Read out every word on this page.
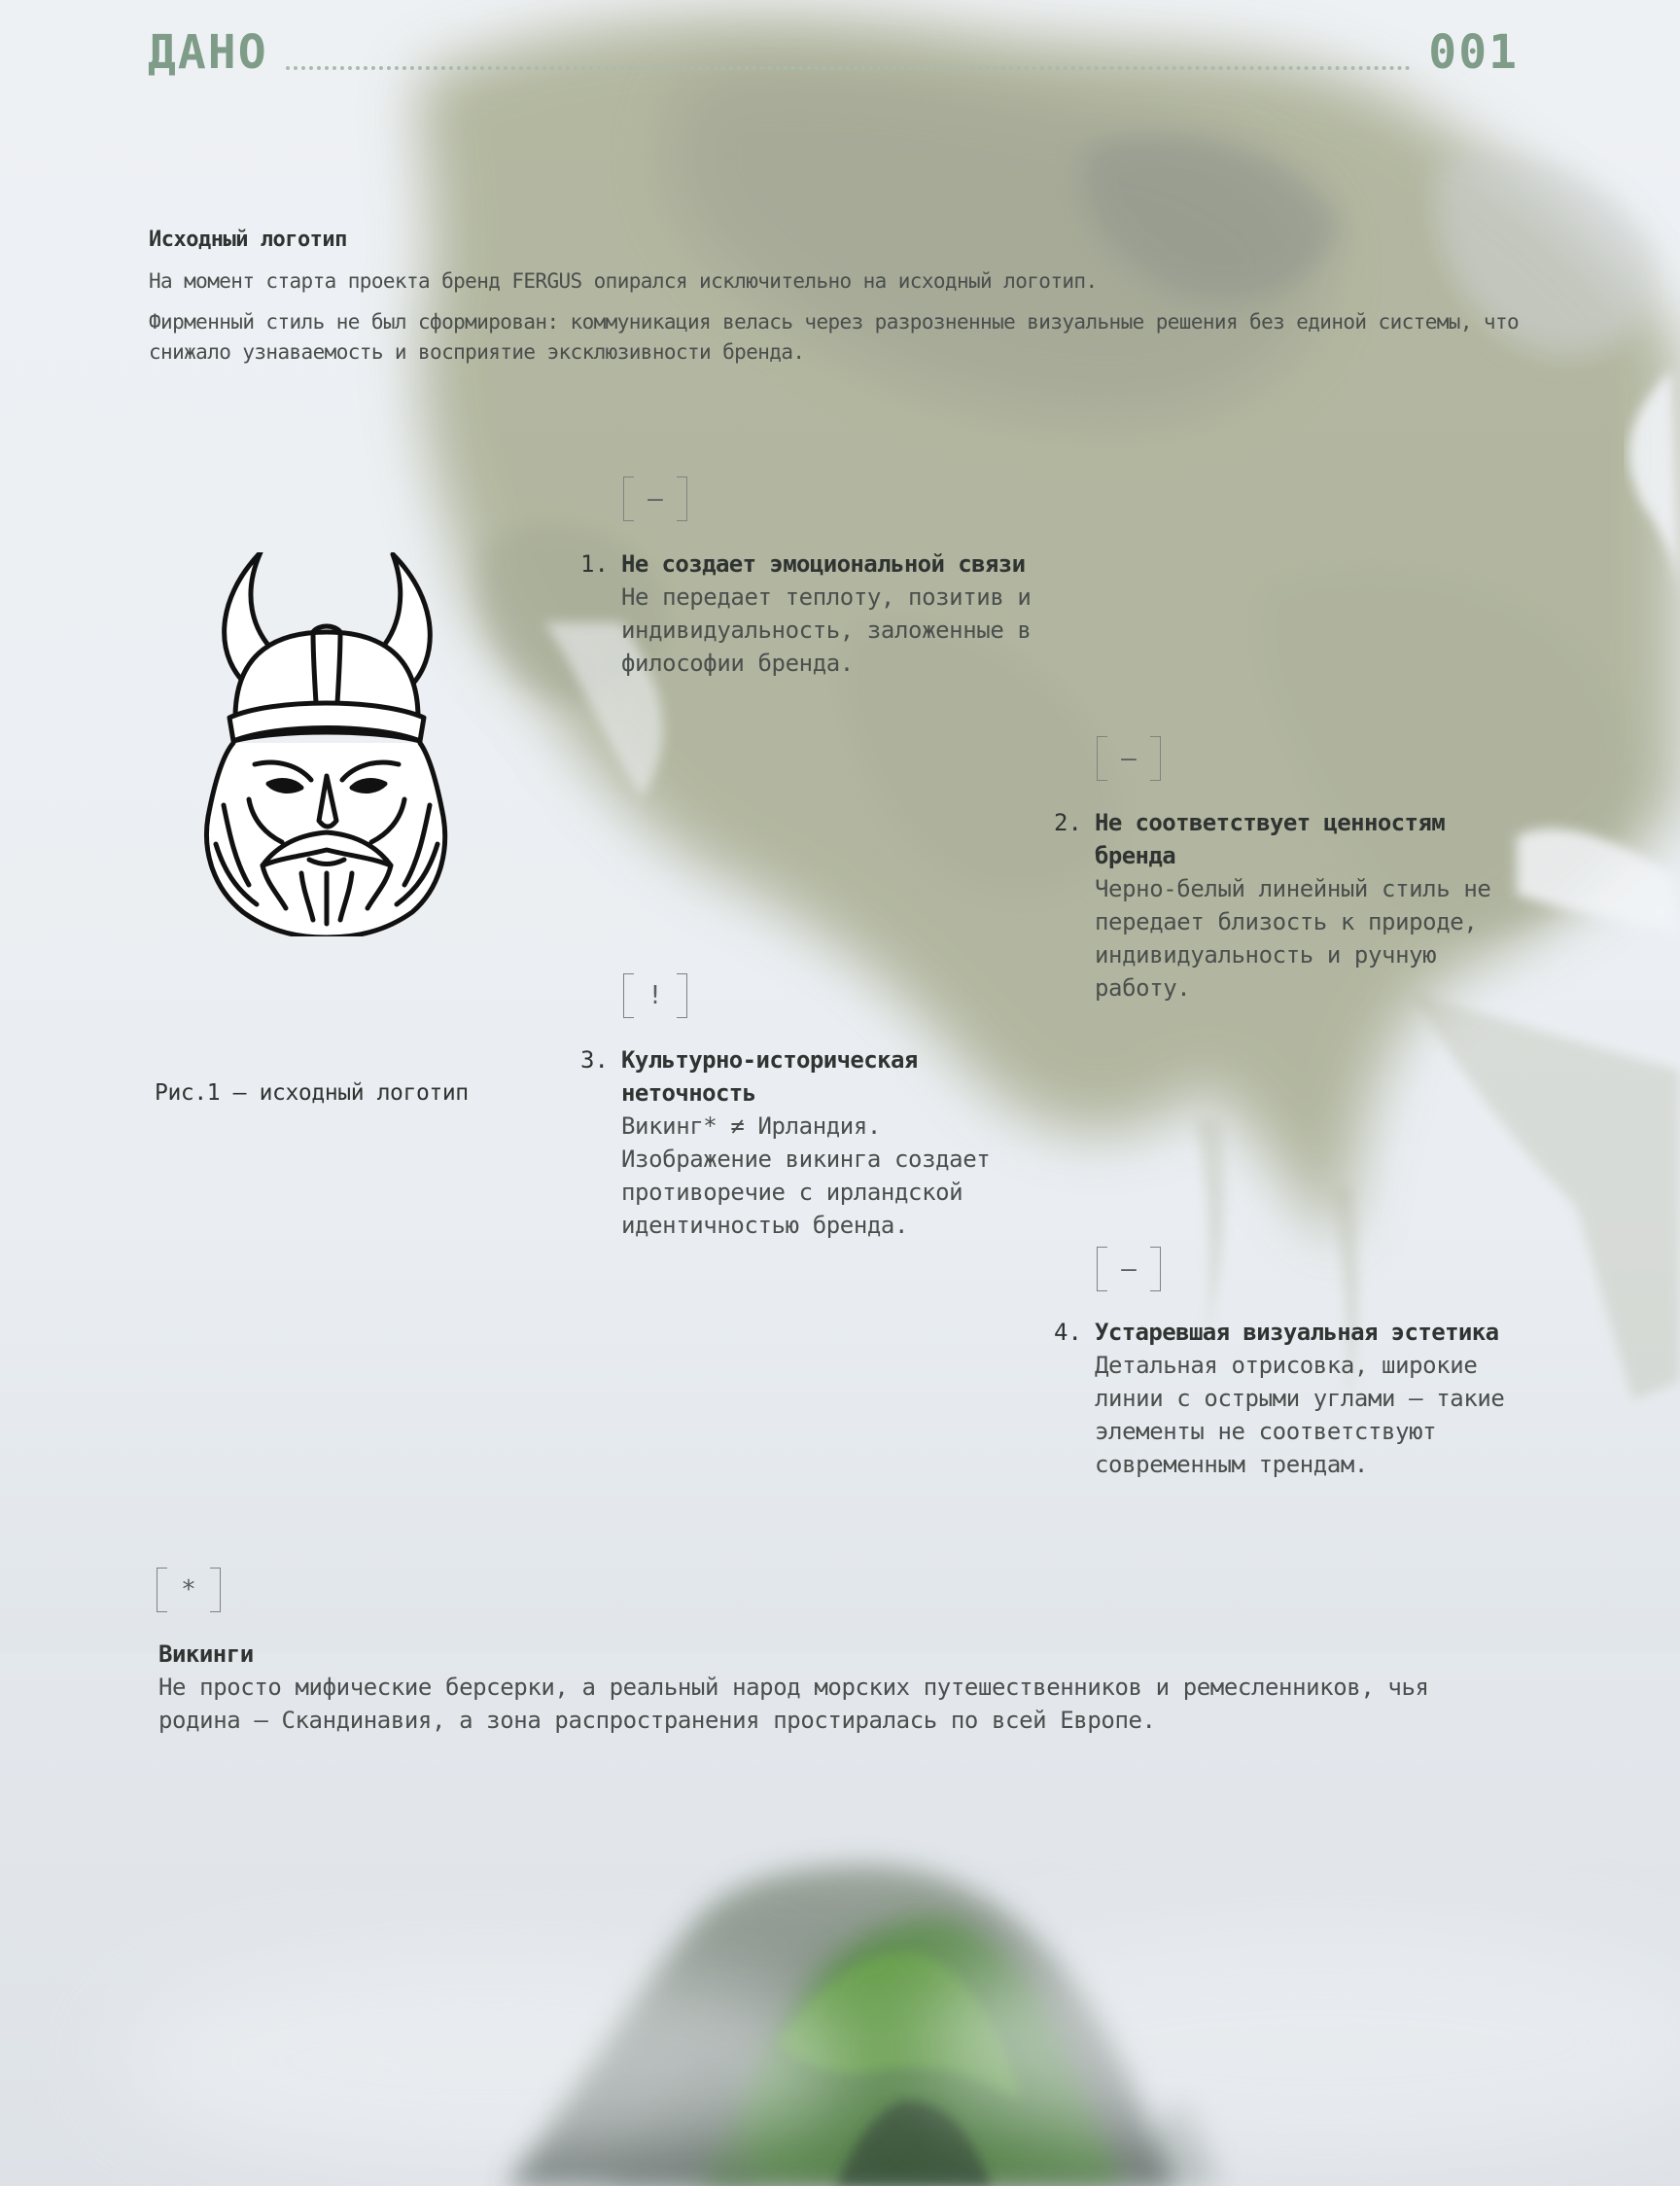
ДАНО	001
Исходный логотип

На момент старта проекта бренд FERGUS опирался исключительно на исходный логотип.

Фирменный стиль не был сформирован: коммуникация велась через разрозненные визуальные решения без единой системы, что снижало узнаваемость и восприятие эксклюзивности бренда.

Рис.1 — исходный логотип
—
1. Не создает эмоциональной связи

Не передает теплоту, позитив и индивидуальность, заложенные в философии бренда.

—
2. Не соответствует ценностям бренда

Черно-белый линейный стиль не передает близость к природе, индивидуальность и ручную работу.

!
3. Культурно-историческая неточность

Викинг* ≠ Ирландия. Изображение викинга создает противоречие с ирландской идентичностью бренда.

—
4. Устаревшая визуальная эстетика

Детальная отрисовка, широкие линии с острыми углами — такие элементы не соответствуют современным трендам.

*
Викинги

Не просто мифические берсерки, а реальный народ морских путешественников и ремесленников, чья родина — Скандинавия, а зона распространения простиралась по всей Европе.
